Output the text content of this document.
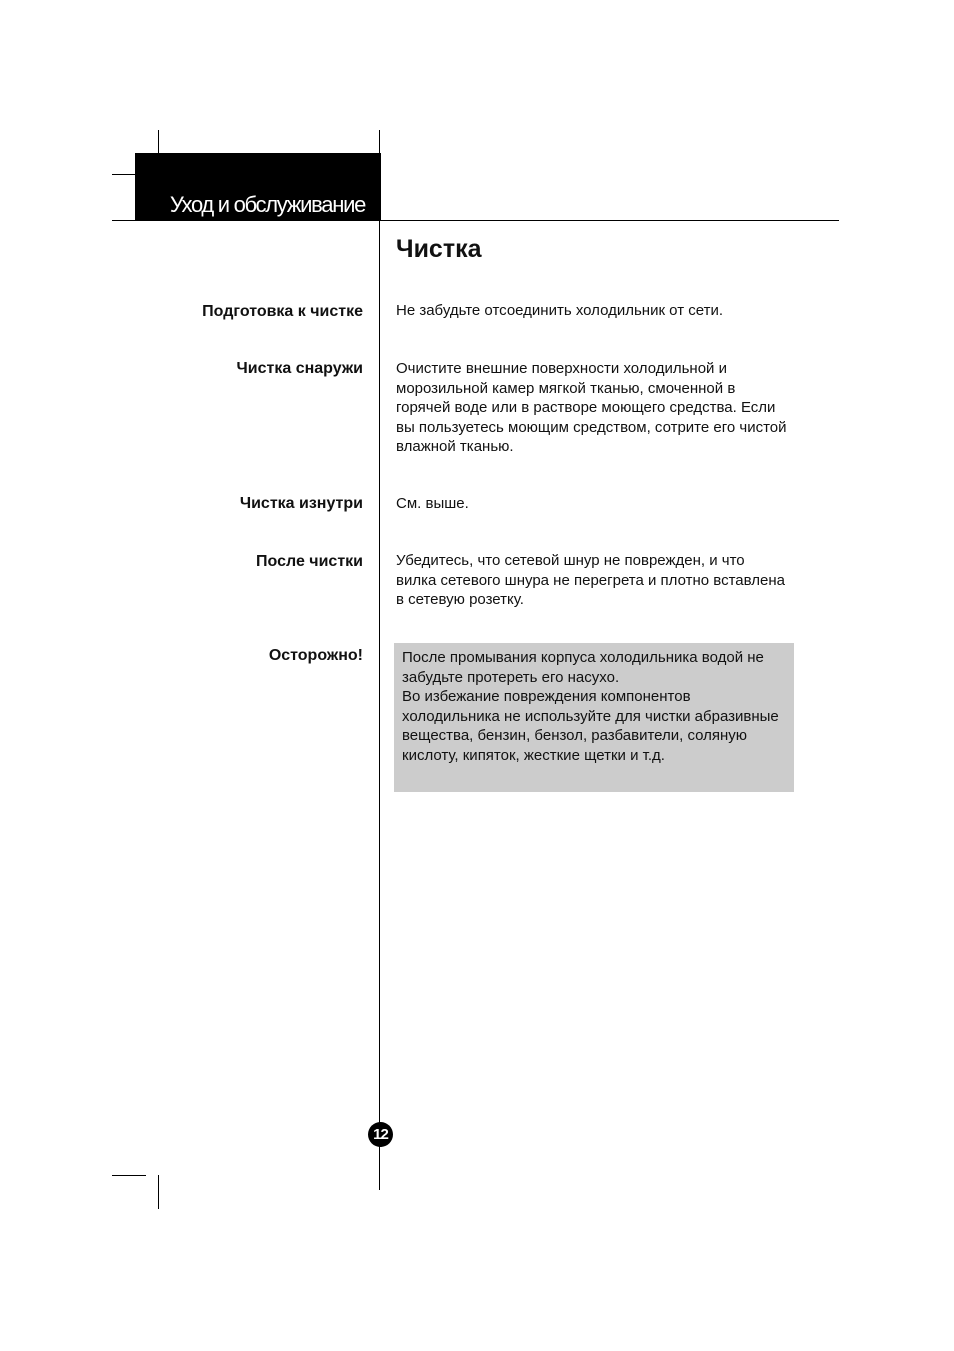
Уход и обслуживание
Чистка

Подготовка к чистке Не забудьте отсоединить холодильник от сети.

Чистка снаружи Очистите внешние поверхности холодильной и морозильной камер мягкой тканью, смоченной в горячей воде или в растворе моющего средства. Если вы пользуетесь моющим средством, сотрите его чистой влажной тканью.

Чистка изнутри См. выше.

После чистки Убедитесь, что сетевой шнур не поврежден, и что вилка сетевого шнура не перегрета и плотно вставлена в сетевую розетку.

Осторожно!	После промывания корпуса холодильника водой не забудьте протереть его насухо.

Во избежание повреждения компонентов холодильника не используйте для чистки абразивные вещества, бензин, бензол, разбавители, соляную кислоту, кипяток, жесткие щетки и т.д.

12
